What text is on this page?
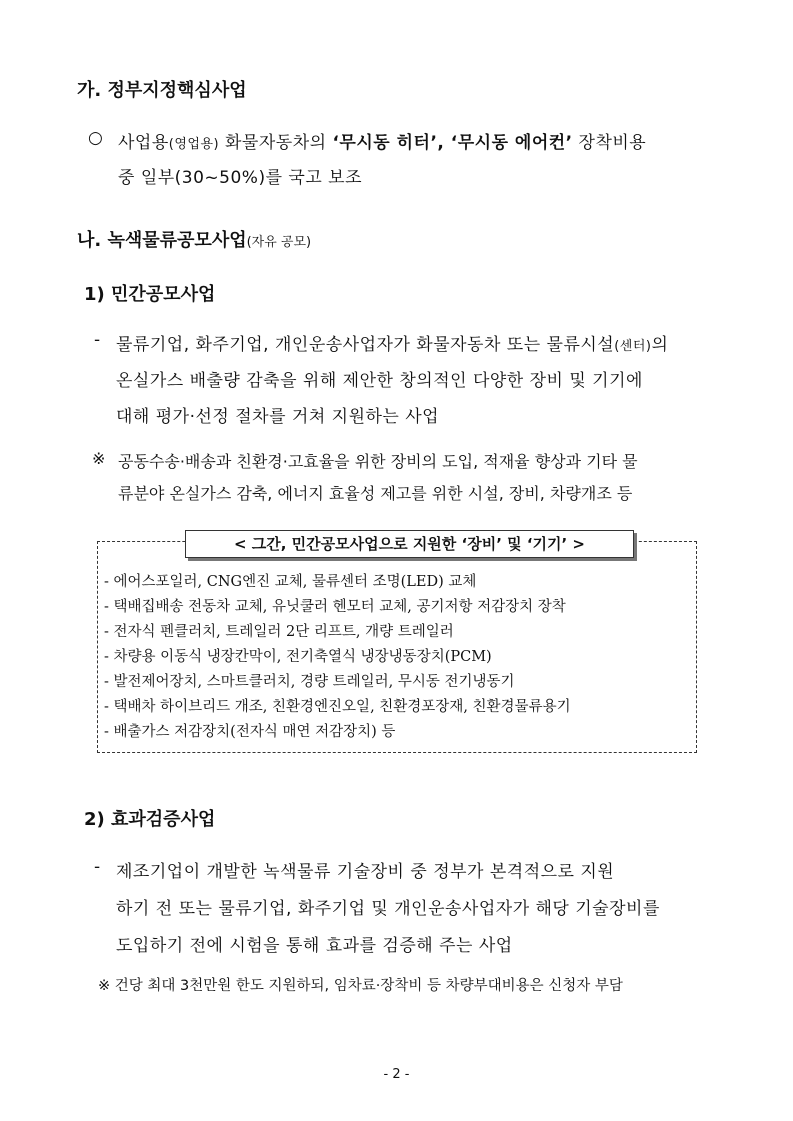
가. 정부지정핵심사업
○ 사업용(영업용) 화물자동차의 ‘무시동 히터’, ‘무시동 에어컨’ 장착비용
중 일부(30~50%)를 국고 보조
나. 녹색물류공모사업(자유 공모)
1) 민간공모사업
- 물류기업, 화주기업, 개인운송사업자가 화물자동차 또는 물류시설(센터)의
온실가스 배출량 감축을 위해 제안한 창의적인 다양한 장비 및 기기에
대해 평가·선정 절차를 거쳐 지원하는 사업
※ 공동수송·배송과 친환경·고효율을 위한 장비의 도입, 적재율 향상과 기타 물
류분야 온실가스 감축, 에너지 효율성 제고를 위한 시설, 장비, 차량개조 등
< 그간, 민간공모사업으로 지원한 ‘장비’ 및 ‘기기’ >
- 에어스포일러, CNG엔진 교체, 물류센터 조명(LED) 교체
- 택배집배송 전동차 교체, 유닛쿨러 헨모터 교체, 공기저항 저감장치 장착
- 전자식 펜클러치, 트레일러 2단 리프트, 개량 트레일러
- 차량용 이동식 냉장칸막이, 전기축열식 냉장냉동장치(PCM)
- 발전제어장치, 스마트클러치, 경량 트레일러, 무시동 전기냉동기
- 택배차 하이브리드 개조, 친환경엔진오일, 친환경포장재, 친환경물류용기
- 배출가스 저감장치(전자식 매연 저감장치) 등
2) 효과검증사업
- 제조기업이 개발한 녹색물류 기술장비 중 정부가 본격적으로 지원
하기 전 또는 물류기업, 화주기업 및 개인운송사업자가 해당 기술장비를
도입하기 전에 시험을 통해 효과를 검증해 주는 사업
※ 건당 최대 3천만원 한도 지원하되, 임차료·장착비 등 차량부대비용은 신청자 부담
- 2 -
